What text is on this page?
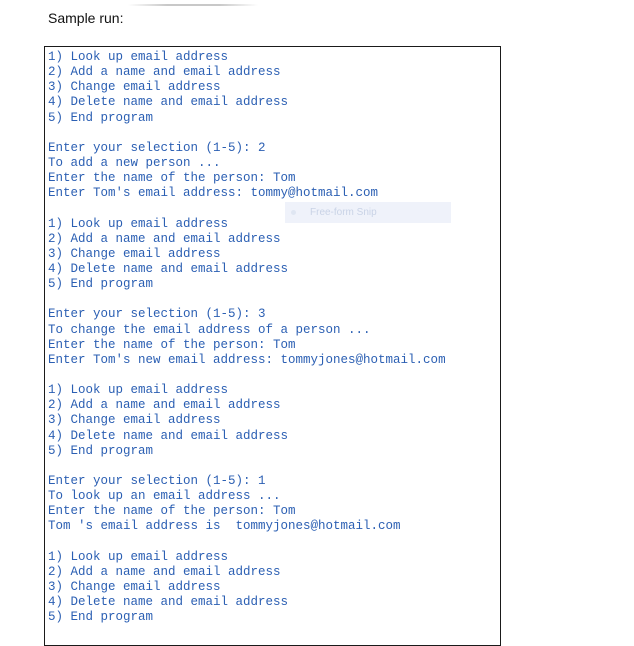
Sample run:
1) Look up email address
2) Add a name and email address
3) Change email address
4) Delete name and email address
5) End program
Enter your selection (1-5): 2
To add a new person ...
Enter the name of the person: Tom
Enter Tom's email address: tommy@hotmail.com
1) Look up email address
2) Add a name and email address
3) Change email address
4) Delete name and email address
5) End program
Enter your selection (1-5): 3
To change the email address of a person ...
Enter the name of the person: Tom
Enter Tom's new email address: tommyjones@hotmail.com
1) Look up email address
2) Add a name and email address
3) Change email address
4) Delete name and email address
5) End program
Enter your selection (1-5): 1
To look up an email address ...
Enter the name of the person: Tom
Tom 's email address is  tommyjones@hotmail.com
1) Look up email address
2) Add a name and email address
3) Change email address
4) Delete name and email address
5) End program
Free-form Snip
